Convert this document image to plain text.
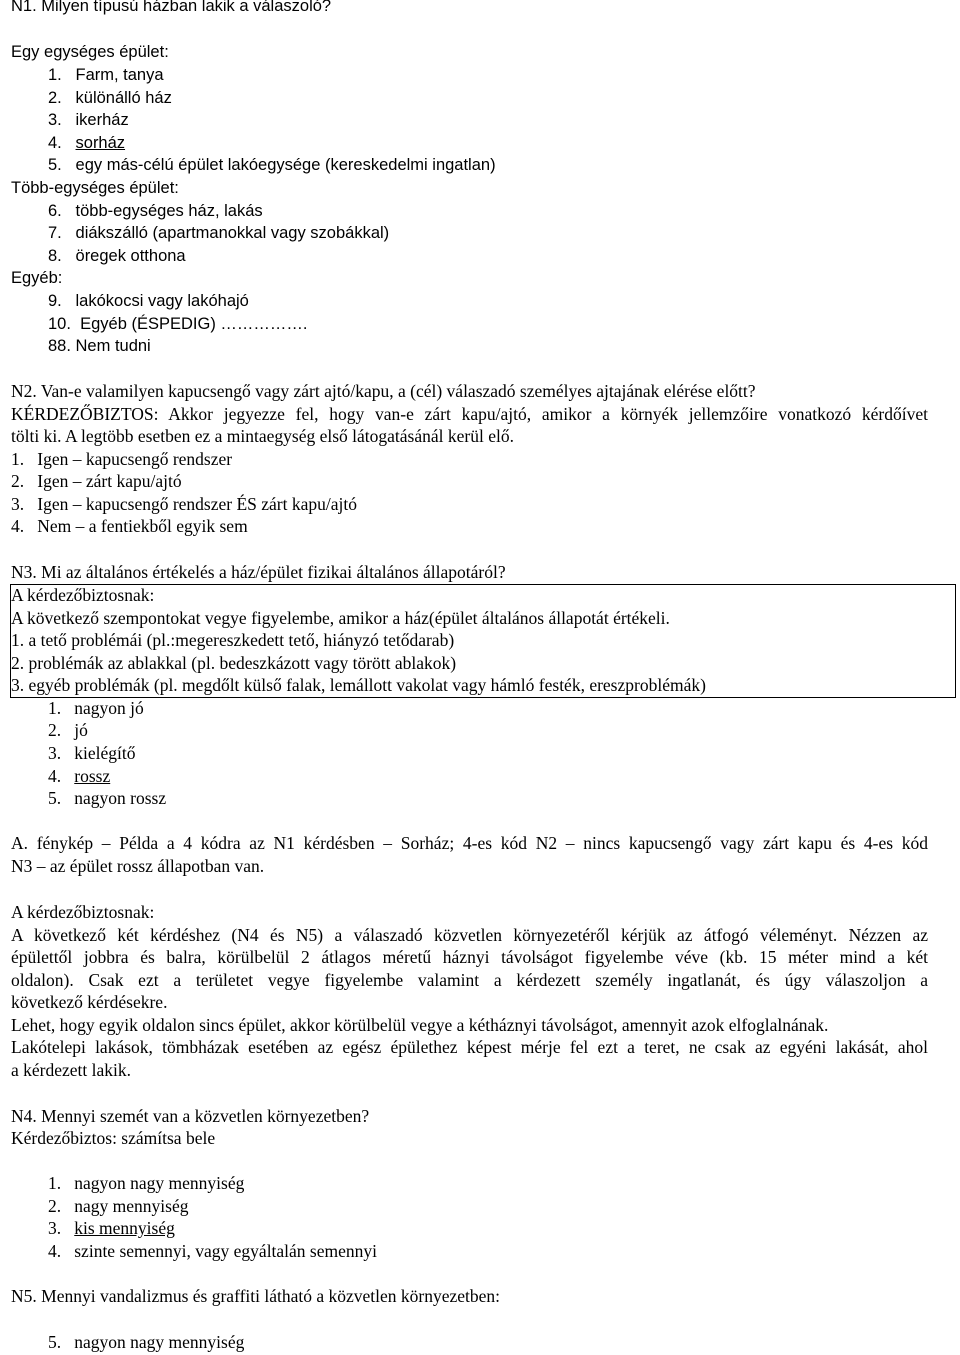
N1. Milyen típusú házban lakik a válaszoló?
Egy egységes épület:
1.   Farm, tanya
2.   különálló ház
3.   ikerház
4.   sorház
5.   egy más-célú épület lakóegysége (kereskedelmi ingatlan)
Több-egységes épület:
6.   több-egységes ház, lakás
7.   diákszálló (apartmanokkal vagy szobákkal)
8.   öregek otthona
Egyéb:
9.   lakókocsi vagy lakóhajó
10.  Egyéb (ÉSPEDIG) …………….
88. Nem tudni
N2. Van-e valamilyen kapucsengő vagy zárt ajtó/kapu, a (cél) válaszadó személyes ajtajának elérése előtt?
KÉRDEZŐBIZTOS: Akkor jegyezze fel, hogy van-e zárt kapu/ajtó, amikor a környék jellemzőire vonatkozó kérdőívet
tölti ki. A legtöbb esetben ez a mintaegység első látogatásánál kerül elő.
1.   Igen – kapucsengő rendszer
2.   Igen – zárt kapu/ajtó
3.   Igen – kapucsengő rendszer ÉS zárt kapu/ajtó
4.   Nem – a fentiekből egyik sem
N3. Mi az általános értékelés a ház/épület fizikai általános állapotáról?
A kérdezőbiztosnak:
A következő szempontokat vegye figyelembe, amikor a ház(épület általános állapotát értékeli.
1. a tető problémái (pl.:megereszkedett tető, hiányzó tetődarab)
2. problémák az ablakkal (pl. bedeszkázott vagy törött ablakok)
3. egyéb problémák (pl. megdőlt külső falak, lemállott vakolat vagy hámló festék, ereszproblémák)
1.   nagyon jó
2.   jó
3.   kielégítő
4.   rossz
5.   nagyon rossz
A. fénykép – Példa a 4 kódra az N1 kérdésben – Sorház; 4-es kód N2 – nincs kapucsengő vagy zárt kapu és 4-es kód
N3 – az épület rossz állapotban van.
A kérdezőbiztosnak:
A következő két kérdéshez (N4 és N5) a válaszadó közvetlen környezetéről kérjük az átfogó véleményt. Nézzen az
épülettől jobbra és balra, körülbelül 2 átlagos méretű háznyi távolságot figyelembe véve (kb. 15 méter mind a két
oldalon). Csak ezt a területet vegye figyelembe valamint a kérdezett személy ingatlanát, és úgy válaszoljon a
következő kérdésekre.
Lehet, hogy egyik oldalon sincs épület, akkor körülbelül vegye a kétháznyi távolságot, amennyit azok elfoglalnának.
Lakótelepi lakások, tömbházak esetében az egész épülethez képest mérje fel ezt a teret, ne csak az egyéni lakását, ahol
a kérdezett lakik.
N4. Mennyi szemét van a közvetlen környezetben?
Kérdezőbiztos: számítsa bele
1.   nagyon nagy mennyiség
2.   nagy mennyiség
3.   kis mennyiség
4.   szinte semennyi, vagy egyáltalán semennyi
N5. Mennyi vandalizmus és graffiti látható a közvetlen környezetben:
5.   nagyon nagy mennyiség
